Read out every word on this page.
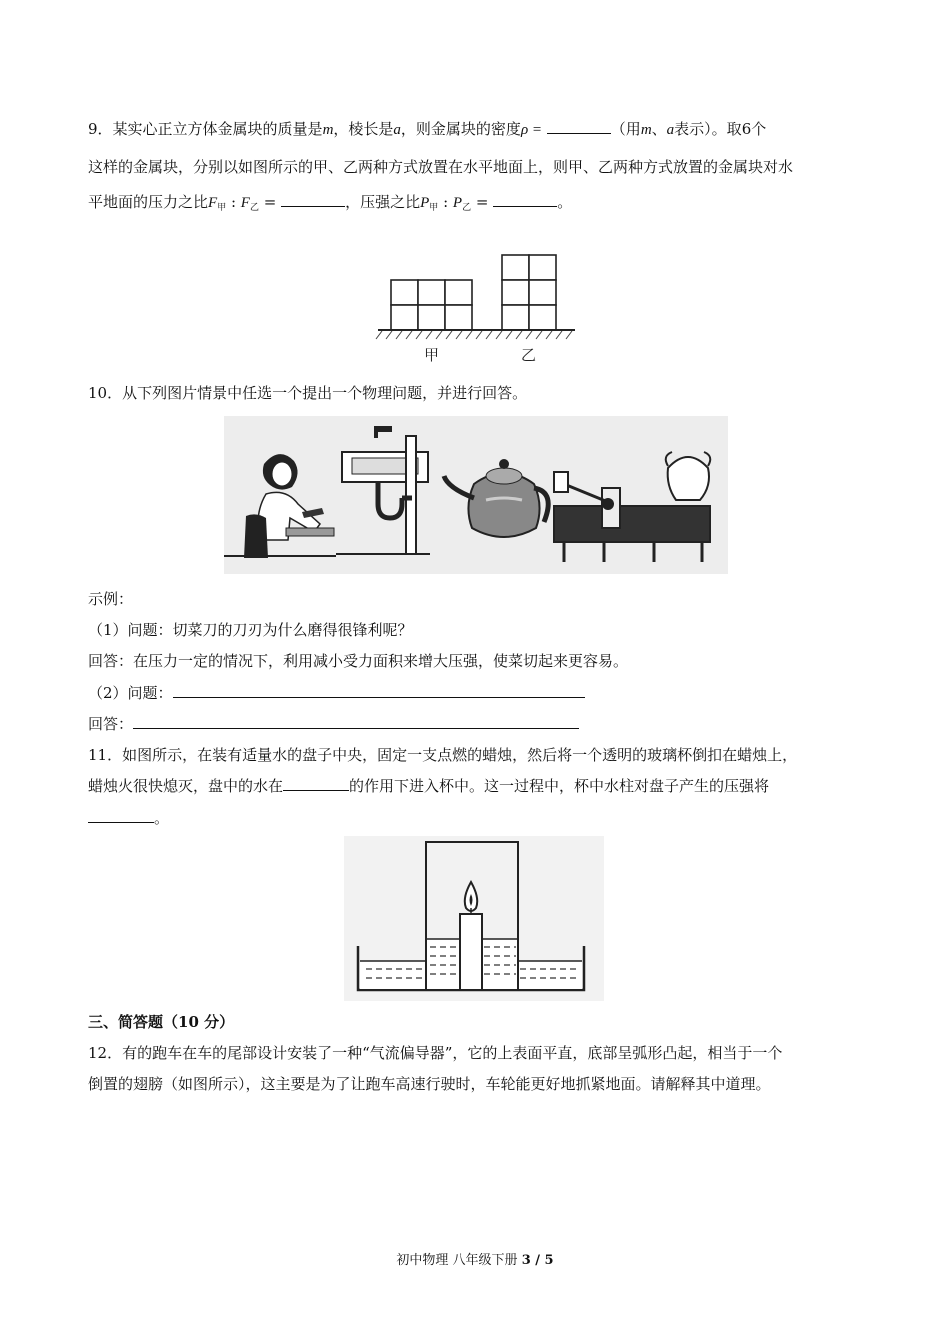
9．某实心正立方体金属块的质量是m，棱长是a，则金属块的密度ρ =	（用m、a表示）。取6个
这样的金属块，分别以如图所示的甲、乙两种方式放置在水平地面上，则甲、乙两种方式放置的金属块对水
平地面的压力之比$F_甲$ : $F_乙$ =	，压强之比$P_甲$ : $P_乙$ =	。
甲	乙
10．从下列图片情景中任选一个提出一个物理问题，并进行回答。
示例：
（1）问题：切菜刀的刀刃为什么磨得很锋利呢？
回答：在压力一定的情况下，利用减小受力面积来增大压强，使菜切起来更容易。
（2）问题：
回答：
11．如图所示，在装有适量水的盘子中央，固定一支点燃的蜡烛，然后将一个透明的玻璃杯倒扣在蜡烛上，
蜡烛火很快熄灭，盘中的水在	的作用下进入杯中。这一过程中，杯中水柱对盘子产生的压强将
。
三、简答题（10 分）
12．有的跑车在车的尾部设计安装了一种“气流偏导器”，它的上表面平直，底部呈弧形凸起，相当于一个
倒置的翅膀（如图所示），这主要是为了让跑车高速行驶时，车轮能更好地抓紧地面。请解释其中道理。
初中物理 八年级下册 3 / 5
